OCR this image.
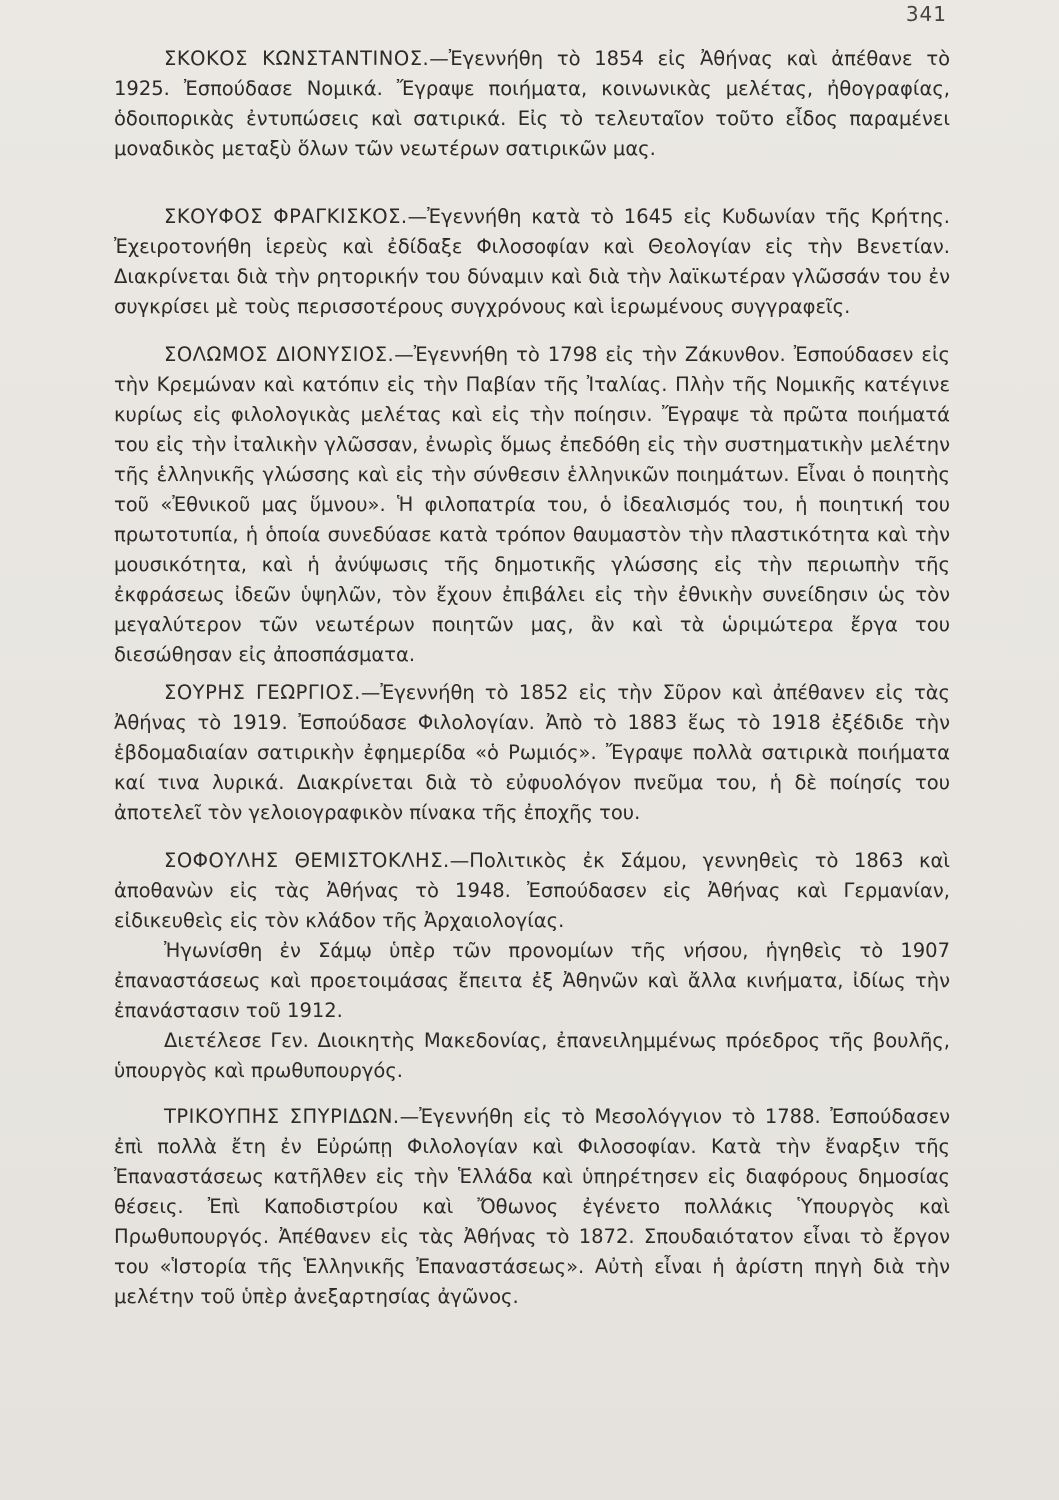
341

ΣΚΟΚΟΣ ΚΩΝΣΤΑΝΤΙΝΟΣ.—Ἐγεννήθη τὸ 1854 εἰς Ἀθήνας καὶ ἀπέθανε τὸ 1925. Ἐσπούδασε Νομικά. Ἔγραψε ποιήματα, κοινωνικὰς μελέτας, ἠθογραφίας, ὁδοιπορικὰς ἐντυπώσεις καὶ σατιρικά. Εἰς τὸ τελευταῖον τοῦτο εἶδος παραμένει μοναδικὸς μεταξὺ ὅλων τῶν νεωτέρων σατιρικῶν μας.

ΣΚΟΥΦΟΣ ΦΡΑΓΚΙΣΚΟΣ.—Ἐγεννήθη κατὰ τὸ 1645 εἰς Κυδωνίαν τῆς Κρήτης. Ἐχειροτονήθη ἱερεὺς καὶ ἐδίδαξε Φιλοσοφίαν καὶ Θεολογίαν εἰς τὴν Βενετίαν. Διακρίνεται διὰ τὴν ρητορικήν του δύναμιν καὶ διὰ τὴν λαϊκωτέραν γλῶσσάν του ἐν συγκρίσει μὲ τοὺς περισσοτέρους συγχρόνους καὶ ἱερωμένους συγγραφεῖς.

ΣΟΛΩΜΟΣ ΔΙΟΝΥΣΙΟΣ.—Ἐγεννήθη τὸ 1798 εἰς τὴν Ζάκυνθον. Ἐσπούδασεν εἰς τὴν Κρεμώναν καὶ κατόπιν εἰς τὴν Παβίαν τῆς Ἰταλίας. Πλὴν τῆς Νομικῆς κατέγινε κυρίως εἰς φιλολογικὰς μελέτας καὶ εἰς τὴν ποίησιν. Ἔγραψε τὰ πρῶτα ποιήματά του εἰς τὴν ἰταλικὴν γλῶσσαν, ἐνωρὶς ὅμως ἐπεδόθη εἰς τὴν συστηματικὴν μελέτην τῆς ἑλληνικῆς γλώσσης καὶ εἰς τὴν σύνθεσιν ἑλληνικῶν ποιημάτων. Εἶναι ὁ ποιητὴς τοῦ «Ἐθνικοῦ μας ὕμνου». Ἡ φιλοπατρία του, ὁ ἰδεαλισμός του, ἡ ποιητική του πρωτοτυπία, ἡ ὁποία συνεδύασε κατὰ τρόπον θαυμαστὸν τὴν πλαστικότητα καὶ τὴν μουσικότητα, καὶ ἡ ἀνύψωσις τῆς δημοτικῆς γλώσσης εἰς τὴν περιωπὴν τῆς ἐκφράσεως ἰδεῶν ὑψηλῶν, τὸν ἔχουν ἐπιβάλει εἰς τὴν ἐθνικὴν συνείδησιν ὡς τὸν μεγαλύτερον τῶν νεωτέρων ποιητῶν μας, ἂν καὶ τὰ ὡριμώτερα ἔργα του διεσώθησαν εἰς ἀποσπάσματα.

ΣΟΥΡΗΣ ΓΕΩΡΓΙΟΣ.—Ἐγεννήθη τὸ 1852 εἰς τὴν Σῦρον καὶ ἀπέθανεν εἰς τὰς Ἀθήνας τὸ 1919. Ἐσπούδασε Φιλολογίαν. Ἀπὸ τὸ 1883 ἕως τὸ 1918 ἐξέδιδε τὴν ἑβδομαδιαίαν σατιρικὴν ἐφημερίδα «ὁ Ρωμιός». Ἔγραψε πολλὰ σατιρικὰ ποιήματα καί τινα λυρικά. Διακρίνεται διὰ τὸ εὐφυολόγον πνεῦμα του, ἡ δὲ ποίησίς του ἀποτελεῖ τὸν γελοιογραφικὸν πίνακα τῆς ἐποχῆς του.

ΣΟΦΟΥΛΗΣ ΘΕΜΙΣΤΟΚΛΗΣ.—Πολιτικὸς ἐκ Σάμου, γεννηθεὶς τὸ 1863 καὶ ἀποθανὼν εἰς τὰς Ἀθήνας τὸ 1948. Ἐσπούδασεν εἰς Ἀθήνας καὶ Γερμανίαν, εἰδικευθεὶς εἰς τὸν κλάδον τῆς Ἀρχαιολογίας.

Ἠγωνίσθη ἐν Σάμῳ ὑπὲρ τῶν προνομίων τῆς νήσου, ἡγηθεὶς τὸ 1907 ἐπαναστάσεως καὶ προετοιμάσας ἔπειτα ἐξ Ἀθηνῶν καὶ ἄλλα κινήματα, ἰδίως τὴν ἐπανάστασιν τοῦ 1912.

Διετέλεσε Γεν. Διοικητὴς Μακεδονίας, ἐπανειλημμένως πρόεδρος τῆς βουλῆς, ὑπουργὸς καὶ πρωθυπουργός.

ΤΡΙΚΟΥΠΗΣ ΣΠΥΡΙΔΩΝ.—Ἐγεννήθη εἰς τὸ Μεσολόγγιον τὸ 1788. Ἐσπούδασεν ἐπὶ πολλὰ ἔτη ἐν Εὐρώπῃ Φιλολογίαν καὶ Φιλοσοφίαν. Κατὰ τὴν ἔναρξιν τῆς Ἐπαναστάσεως κατῆλθεν εἰς τὴν Ἑλλάδα καὶ ὑπηρέτησεν εἰς διαφόρους δημοσίας θέσεις. Ἐπὶ Καποδιστρίου καὶ Ὄθωνος ἐγένετο πολλάκις Ὑπουργὸς καὶ Πρωθυπουργός. Ἀπέθανεν εἰς τὰς Ἀθήνας τὸ 1872. Σπουδαιότατον εἶναι τὸ ἔργον του «Ἱστορία τῆς Ἑλληνικῆς Ἐπαναστάσεως». Αὐτὴ εἶναι ἡ ἀρίστη πηγὴ διὰ τὴν μελέτην τοῦ ὑπὲρ ἀνεξαρτησίας ἀγῶνος.
